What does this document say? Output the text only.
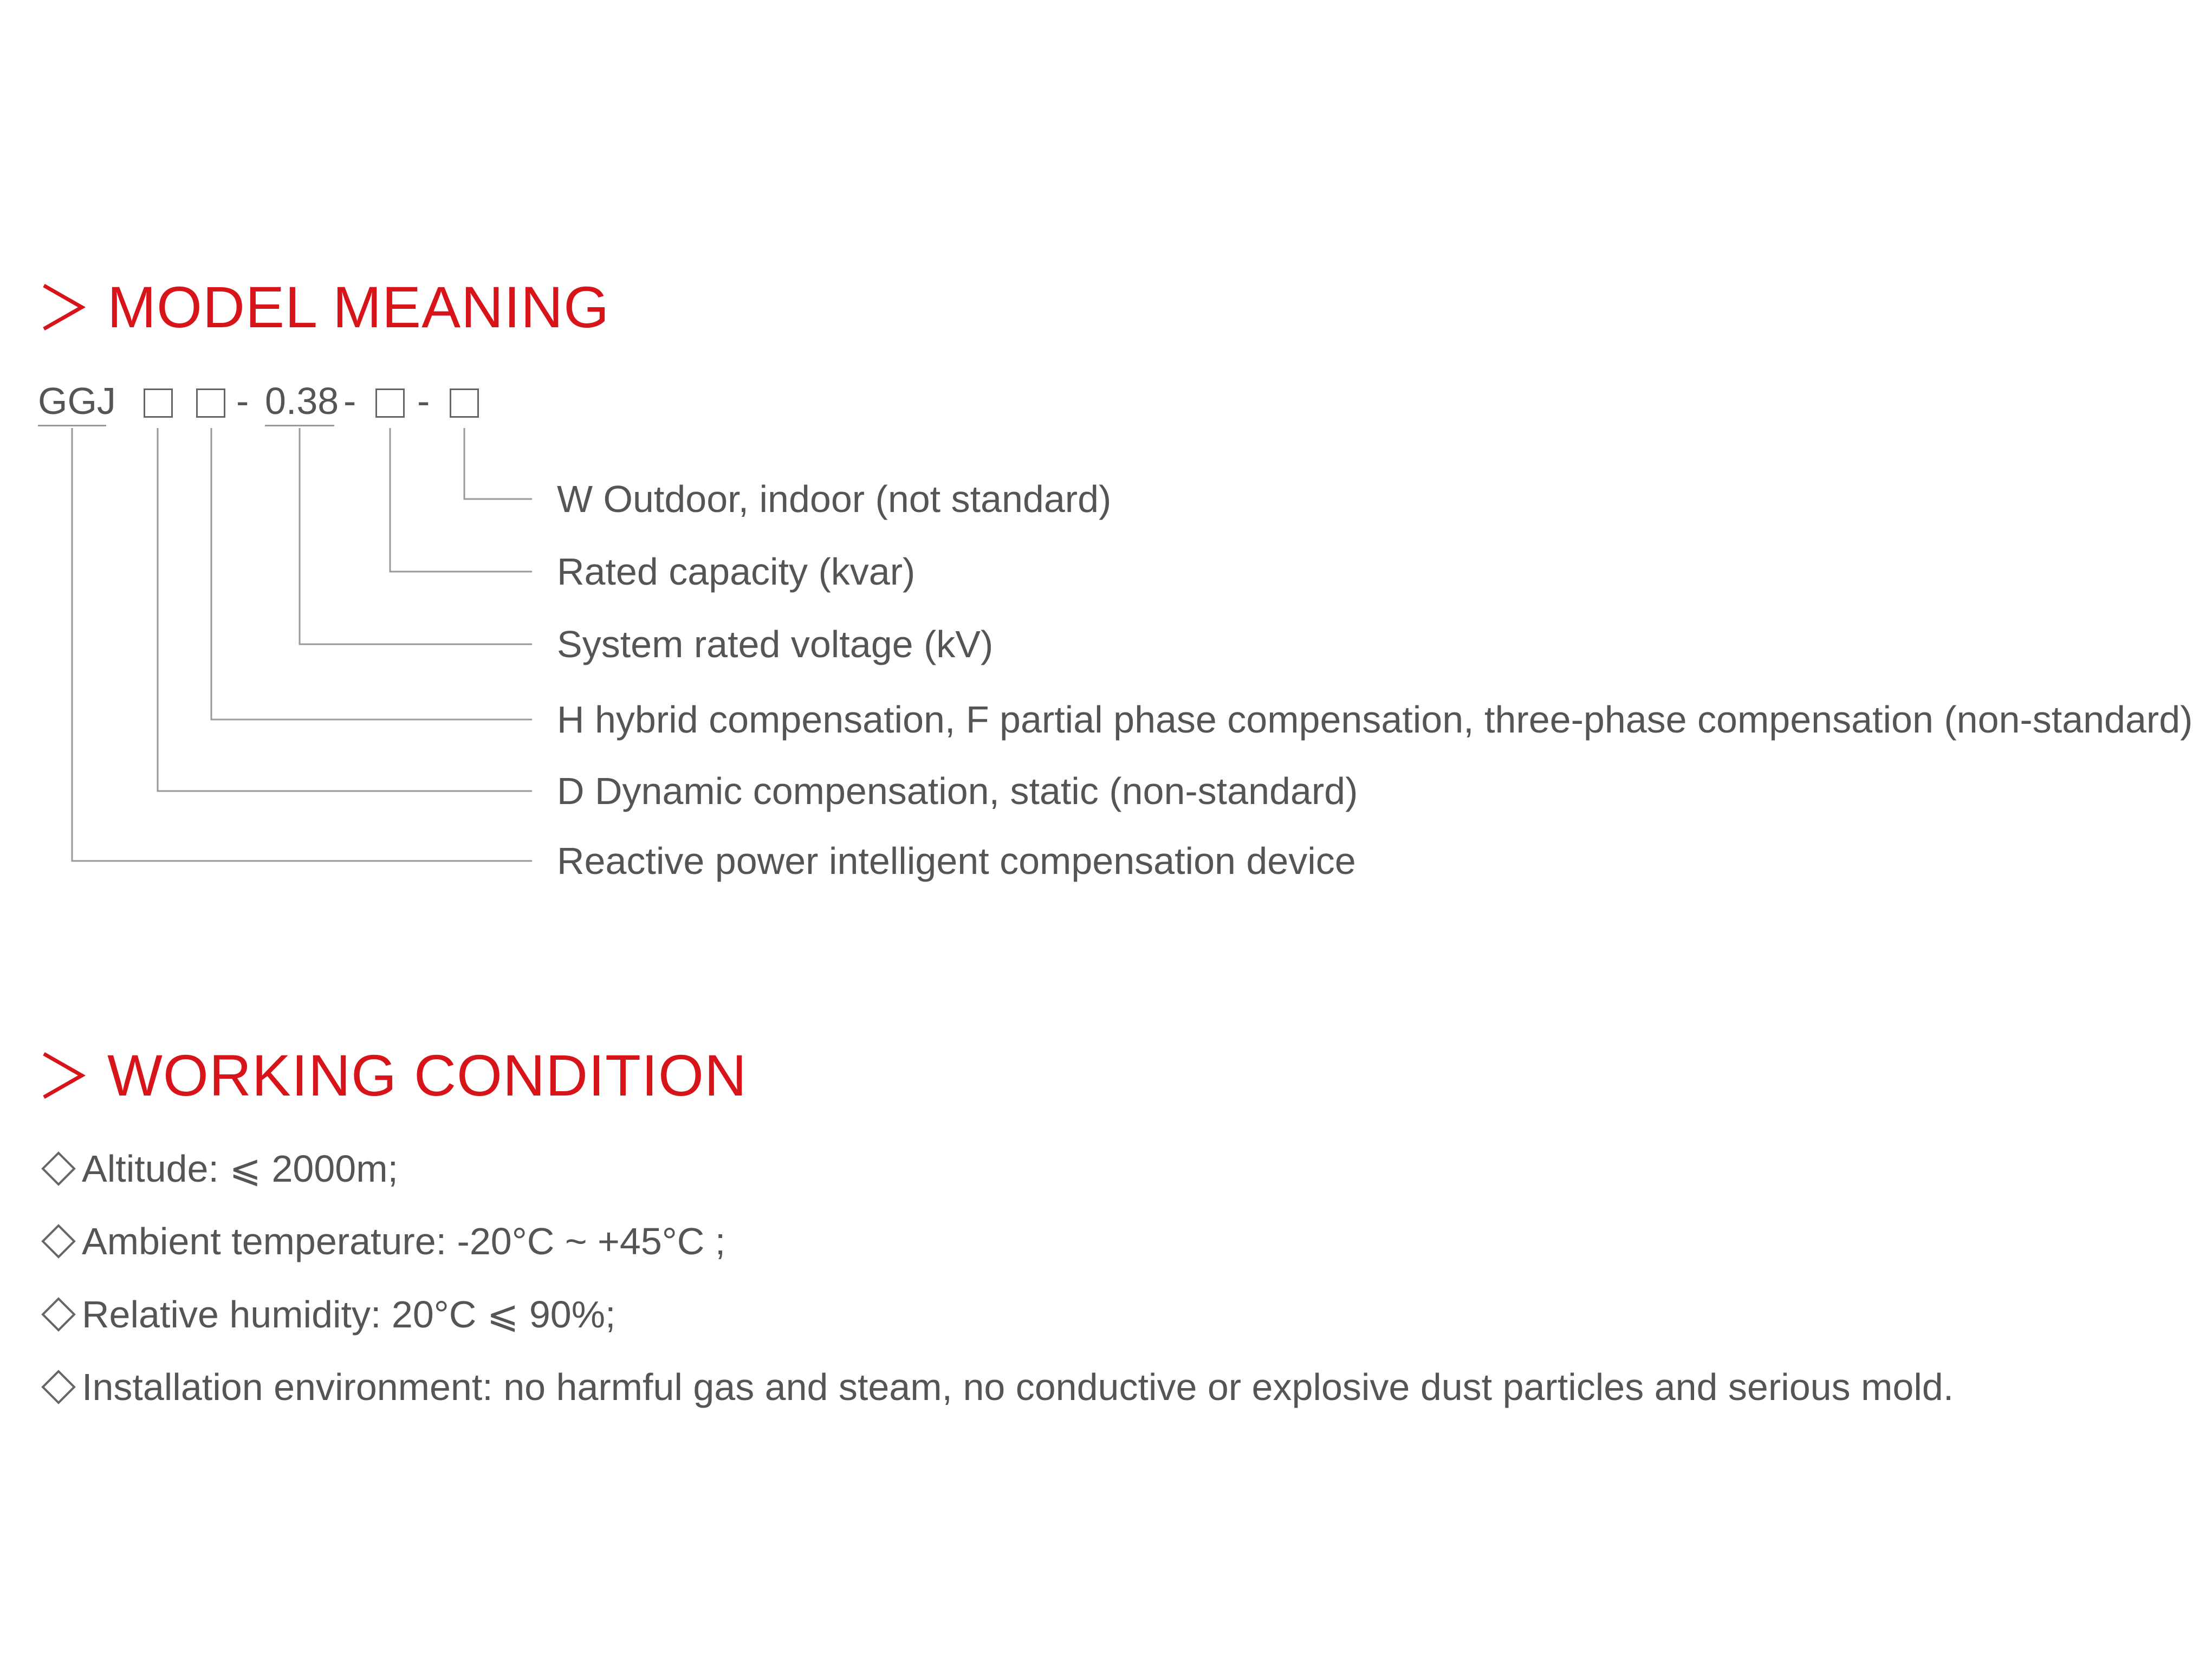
MODEL MEANING
GGJ	- 0.38 - -
W Outdoor, indoor (not standard)
Rated capacity (kvar)
System rated voltage (kV)
H hybrid compensation, F partial phase compensation, three-phase compensation (non-standard)
D Dynamic compensation, static (non-standard)
Reactive power intelligent compensation device
WORKING CONDITION
Altitude: ⩽ 2000m;
Ambient temperature: -20°C ~ +45°C ;
Relative humidity: 20°C ⩽ 90%;
Installation environment: no harmful gas and steam, no conductive or explosive dust particles and serious mold.
